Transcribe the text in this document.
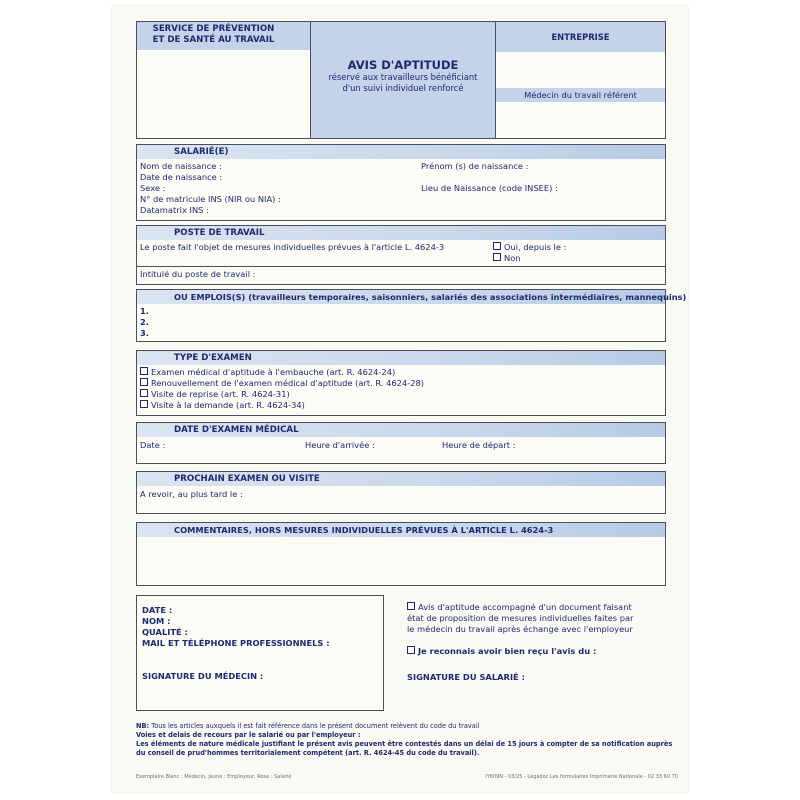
SERVICE DE PRÉVENTION
ET DE SANTÉ AU TRAVAIL
AVIS D'APTITUDE
réservé aux travailleurs bénéficiant
d'un suivi individuel renforcé
ENTREPRISE
Médecin du travail référent
SALARIÉ(E)
Nom de naissance :
Date de naissance :
Sexe :
N° de matricule INS (NIR ou NIA) :
Datamatrix INS :
Prénom (s) de naissance :
Lieu de Naissance (code INSEE) :
POSTE DE TRAVAIL
Le poste fait l'objet de mesures individuelles prévues à l'article L. 4624-3	Oui, depuis le :
Non
Intitulé du poste de travail :
OU EMPLOIS(S) (travailleurs temporaires, saisonniers, salariés des associations intermédiaires, mannequins)
1.
2.
3.
TYPE D'EXAMEN
Examen médical d'aptitude à l'embauche (art. R. 4624-24)
Renouvellement de l'examen médical d'aptitude (art. R. 4624-28)
Visite de reprise (art. R. 4624-31)
Visite à la demande (art. R. 4624-34)
DATE D'EXAMEN MÉDICAL
Date :	Heure d'arrivée :	Heure de départ :
PROCHAIN EXAMEN OU VISITE
A revoir, au plus tard le :
COMMENTAIRES, HORS MESURES INDIVIDUELLES PRÉVUES À L'ARTICLE L. 4624-3
DATE :
NOM :
QUALITÉ :
MAIL ET TÉLÉPHONE PROFESSIONNELS :
SIGNATURE DU MÉDECIN :
Avis d'aptitude accompagné d'un document faisant
état de proposition de mesures individuelles faites par
le médecin du travail après échange avec l'employeur
Je reconnais avoir bien reçu l'avis du :
SIGNATURE DU SALARIÉ :
NB: Tous les articles auxquels il est fait référence dans le présent document relèvent du code du travail
Voies et delais de recours par le salarié ou par l'employeur :
Les éléments de nature médicale justifiant le présent avis peuvent être contestés dans un délai de 15 jours à compter de sa notification auprès
du conseil de prud'hommes territorialement compétent (art. R. 4624-45 du code du travail).
Exemplaire Blanc : Médecin, Jaune : Employeur, Rose : Salarié	IY609N - 03/25 - Légadoc Les formulaires Imprimerie Nationale - 02 33 60 70
